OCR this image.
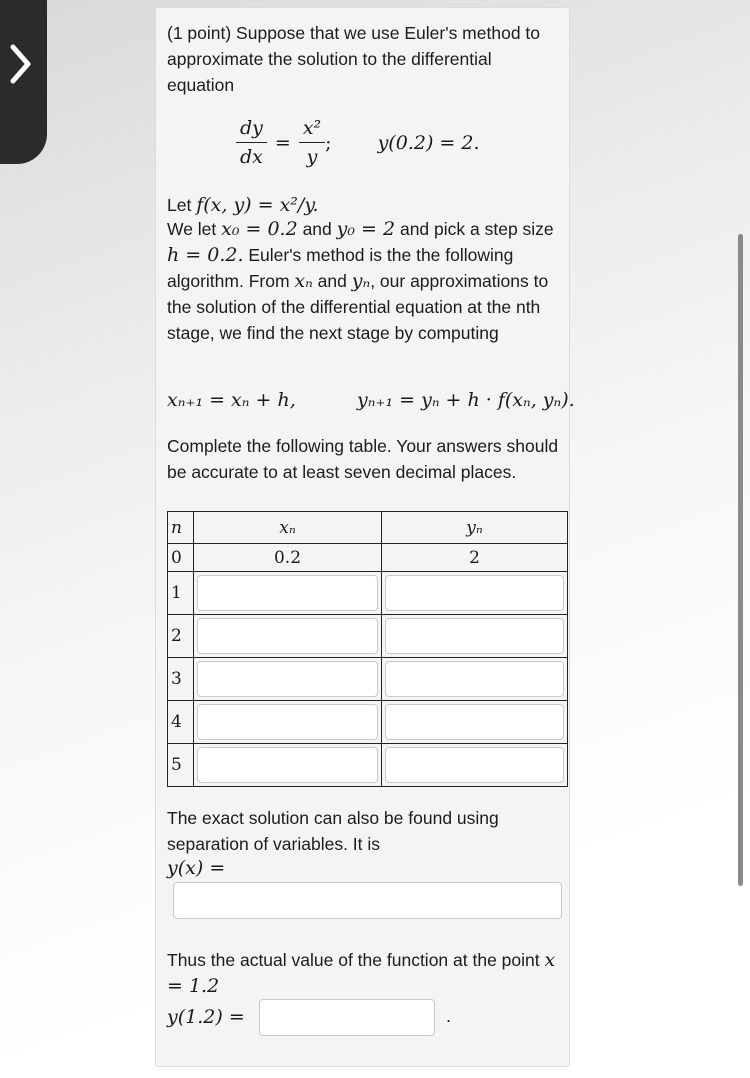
(1 point) Suppose that we use Euler's method to approximate the solution to the differential equation
$\frac{dy}{dx} = \frac{\text{x²}}{y}$ ; y(0.2) = 2.
Let f(x, y) = x²/y.
We let x₀ = 0.2 and y₀ = 2 and pick a step size h = 0.2. Euler's method is the the following algorithm. From xₙ and yₙ, our approximations to the solution of the differential equation at the nth stage, we find the next stage by computing
xₙ₊₁ = xₙ + h,	yₙ₊₁ = yₙ + h · f(xₙ, yₙ).
Complete the following table. Your answers should be accurate to at least seven decimal places.
n	xₙ	yₙ
0	0.2	2
1		
2		
3		
4		
5		
The exact solution can also be found using separation of variables. It is
y(x) =
Thus the actual value of the function at the point x = 1.2
y(1.2) =	.
